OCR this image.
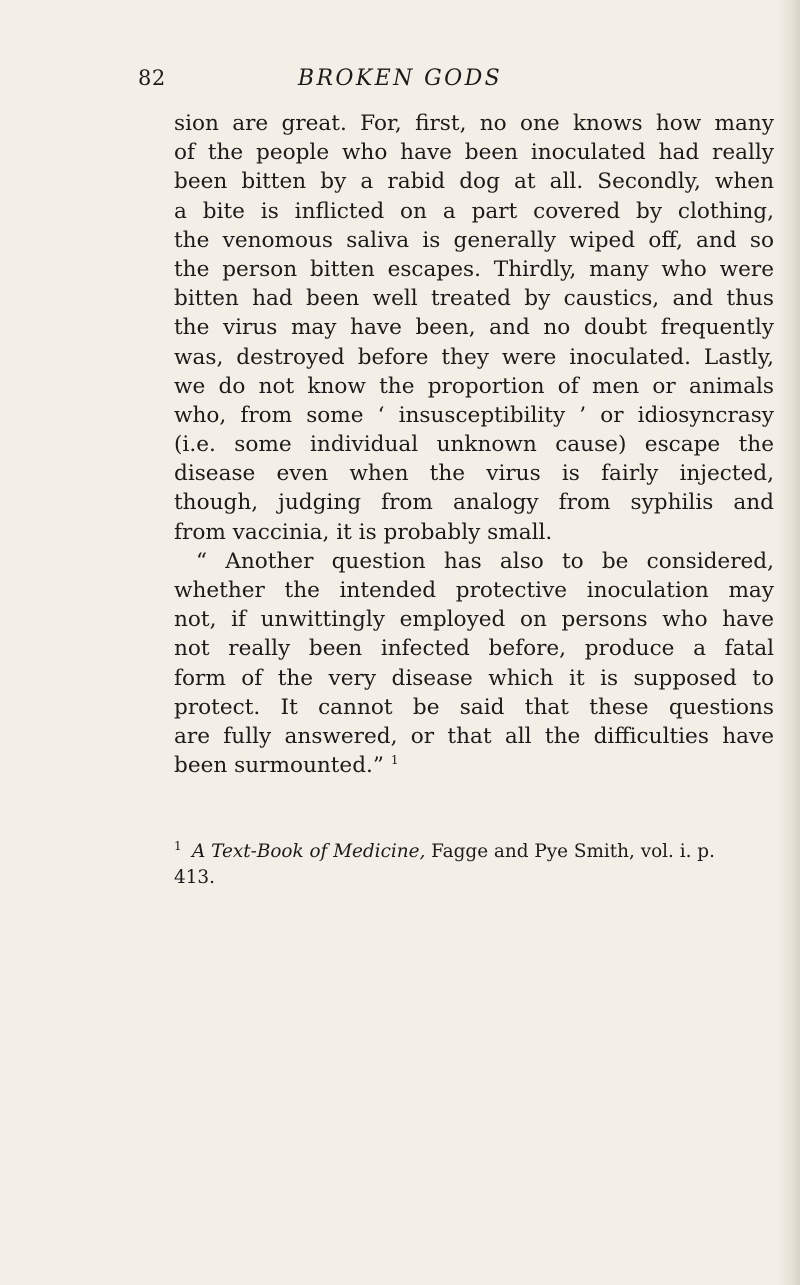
82	BROKEN GODS
sion are great. For, first, no one knows how many
of the people who have been inoculated had really
been bitten by a rabid dog at all. Secondly, when
a bite is inflicted on a part covered by clothing,
the venomous saliva is generally wiped off, and so
the person bitten escapes. Thirdly, many who were
bitten had been well treated by caustics, and thus
the virus may have been, and no doubt frequently
was, destroyed before they were inoculated. Lastly,
we do not know the proportion of men or animals
who, from some ‘ insusceptibility ’ or idiosyncrasy
(i.e. some individual unknown cause) escape the
disease even when the virus is fairly injected,
though, judging from analogy from syphilis and
from vaccinia, it is probably small.
“ Another question has also to be considered,
whether the intended protective inoculation may
not, if unwittingly employed on persons who have
not really been infected before, produce a fatal
form of the very disease which it is supposed to
protect. It cannot be said that these questions
are fully answered, or that all the difficulties have
been surmounted.” $^1$
1 A Text-Book of Medicine, Fagge and Pye Smith, vol. i. p.
413.
